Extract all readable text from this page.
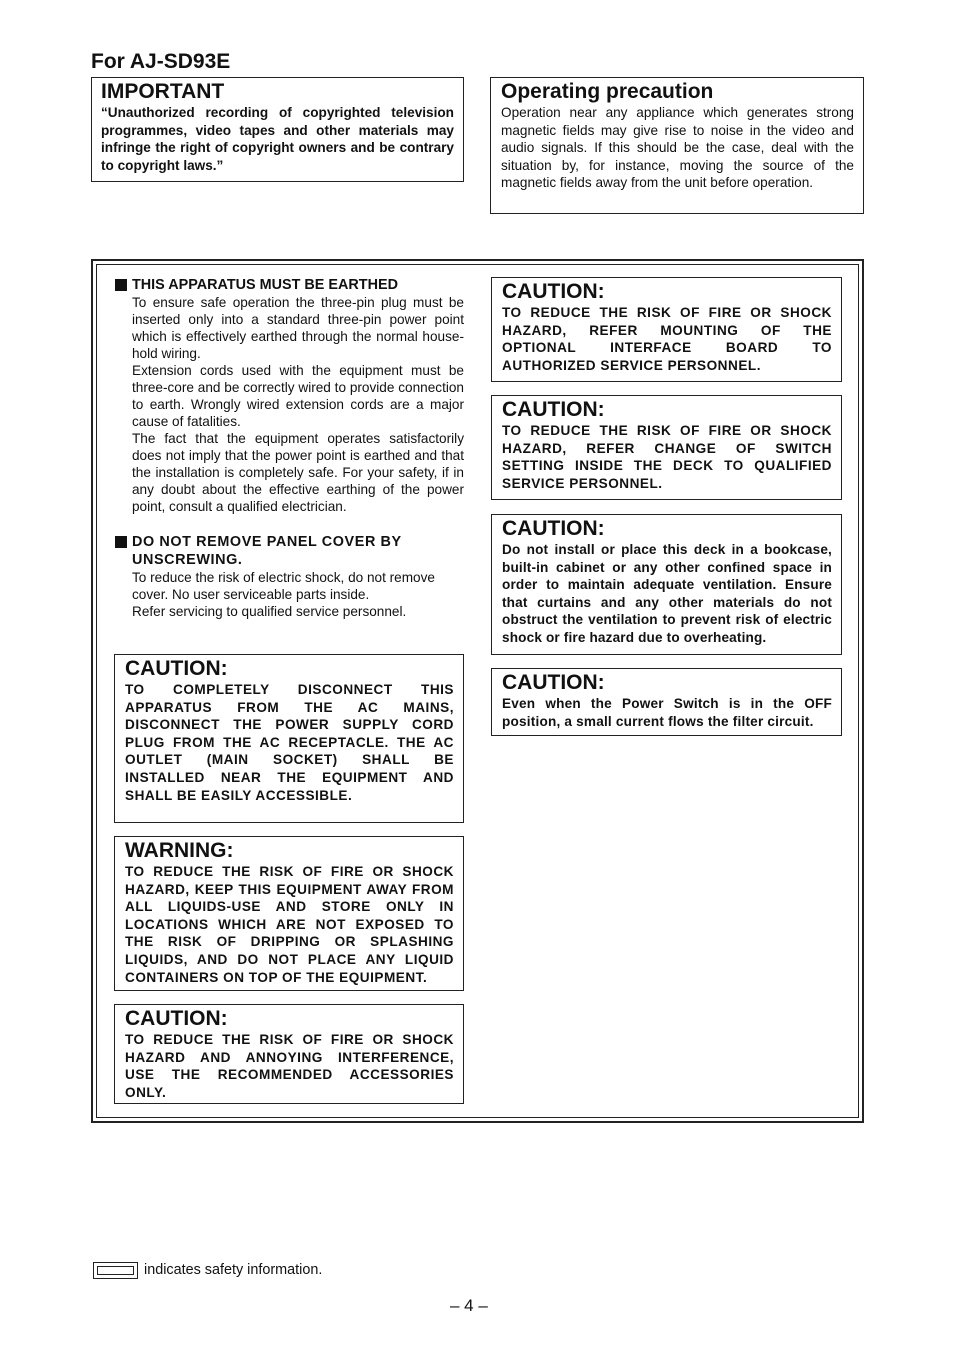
For AJ-SD93E
IMPORTANT

“Unauthorized recording of copyrighted television programmes, video tapes and other materials may infringe the right of copyright owners and be contrary to copyright laws.”

Operating precaution

Operation near any appliance which generates strong magnetic fields may give rise to noise in the video and audio signals. If this should be the case, deal with the situation by, for instance, moving the source of the magnetic fields away from the unit before operation.

THIS APPARATUS MUST BE EARTHED

To ensure safe operation the three-pin plug must be inserted only into a standard three-pin power point which is effectively earthed through the normal house-hold wiring.

Extension cords used with the equipment must be three-core and be correctly wired to provide connection to earth. Wrongly wired extension cords are a major cause of fatalities.

The fact that the equipment operates satisfactorily does not imply that the power point is earthed and that the installation is completely safe. For your safety, if in any doubt about the effective earthing of the power point, consult a qualified electrician.

DO NOT REMOVE PANEL COVER BY UNSCREWING.

To reduce the risk of electric shock, do not remove cover. No user serviceable parts inside.

Refer servicing to qualified service personnel.

CAUTION:

TO COMPLETELY DISCONNECT THIS APPARATUS FROM THE AC MAINS, DISCONNECT THE POWER SUPPLY CORD PLUG FROM THE AC RECEPTACLE. THE AC OUTLET (MAIN SOCKET) SHALL BE INSTALLED NEAR THE EQUIPMENT AND SHALL BE EASILY ACCESSIBLE.

WARNING:

TO REDUCE THE RISK OF FIRE OR SHOCK HAZARD, KEEP THIS EQUIPMENT AWAY FROM ALL LIQUIDS-USE AND STORE ONLY IN LOCATIONS WHICH ARE NOT EXPOSED TO THE RISK OF DRIPPING OR SPLASHING LIQUIDS, AND DO NOT PLACE ANY LIQUID CONTAINERS ON TOP OF THE EQUIPMENT.

CAUTION:

TO REDUCE THE RISK OF FIRE OR SHOCK HAZARD AND ANNOYING INTERFERENCE, USE THE RECOMMENDED ACCESSORIES ONLY.

CAUTION:

TO REDUCE THE RISK OF FIRE OR SHOCK HAZARD, REFER MOUNTING OF THE OPTIONAL INTERFACE BOARD TO AUTHORIZED SERVICE PERSONNEL.

CAUTION:

TO REDUCE THE RISK OF FIRE OR SHOCK HAZARD, REFER CHANGE OF SWITCH SETTING INSIDE THE DECK TO QUALIFIED SERVICE PERSONNEL.

CAUTION:

Do not install or place this deck in a bookcase, built-in cabinet or any other confined space in order to maintain adequate ventilation. Ensure that curtains and any other materials do not obstruct the ventilation to prevent risk of electric shock or fire hazard due to overheating.

CAUTION:

Even when the Power Switch is in the OFF position, a small current flows the filter circuit.

indicates safety information.
– 4 –
